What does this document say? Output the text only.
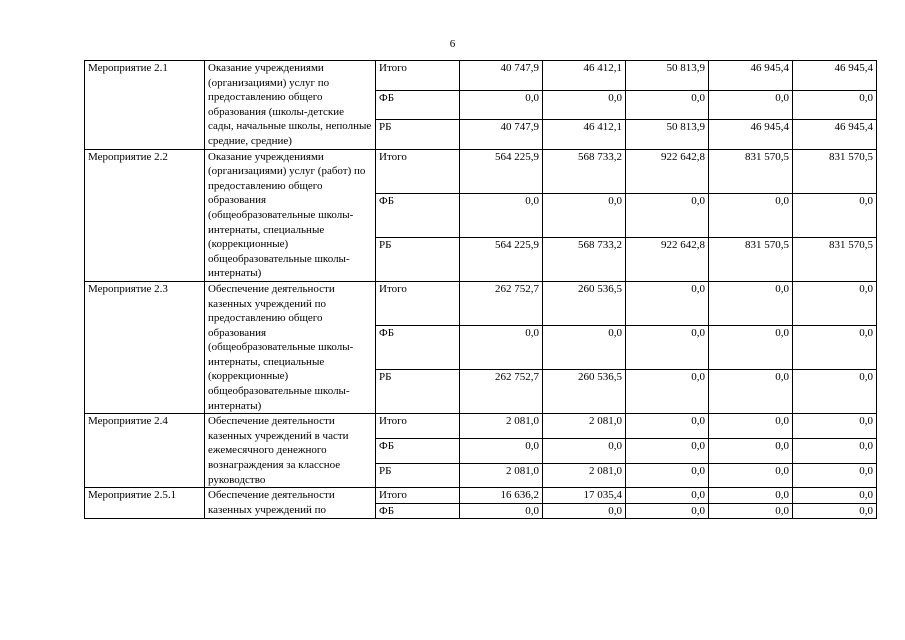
6
Мероприятие 2.1	Оказание учреждениями (организациями) услуг по предоставлению общего образования (школы-детские сады, начальные школы, неполные средние, средние)	Итого	40 747,9	46 412,1	50 813,9	46 945,4	46 945,4
		ФБ	0,0	0,0	0,0	0,0	0,0
		РБ	40 747,9	46 412,1	50 813,9	46 945,4	46 945,4
Мероприятие 2.2	Оказание учреждениями (организациями) услуг (работ) по предоставлению общего образования (общеобразовательные школы-интернаты, специальные (коррекционные) общеобразовательные школы-интернаты)	Итого	564 225,9	568 733,2	922 642,8	831 570,5	831 570,5
		ФБ	0,0	0,0	0,0	0,0	0,0
		РБ	564 225,9	568 733,2	922 642,8	831 570,5	831 570,5
Мероприятие 2.3	Обеспечение деятельности казенных учреждений по предоставлению общего образования (общеобразовательные школы-интернаты, специальные (коррекционные) общеобразовательные школы-интернаты)	Итого	262 752,7	260 536,5	0,0	0,0	0,0
		ФБ	0,0	0,0	0,0	0,0	0,0
		РБ	262 752,7	260 536,5	0,0	0,0	0,0
Мероприятие 2.4	Обеспечение деятельности казенных учреждений в части ежемесячного денежного вознаграждения за классное руководство	Итого	2 081,0	2 081,0	0,0	0,0	0,0
		ФБ	0,0	0,0	0,0	0,0	0,0
		РБ	2 081,0	2 081,0	0,0	0,0	0,0
Мероприятие 2.5.1	Обеспечение деятельности казенных учреждений по	Итого	16 636,2	17 035,4	0,0	0,0	0,0
		ФБ	0,0	0,0	0,0	0,0	0,0
